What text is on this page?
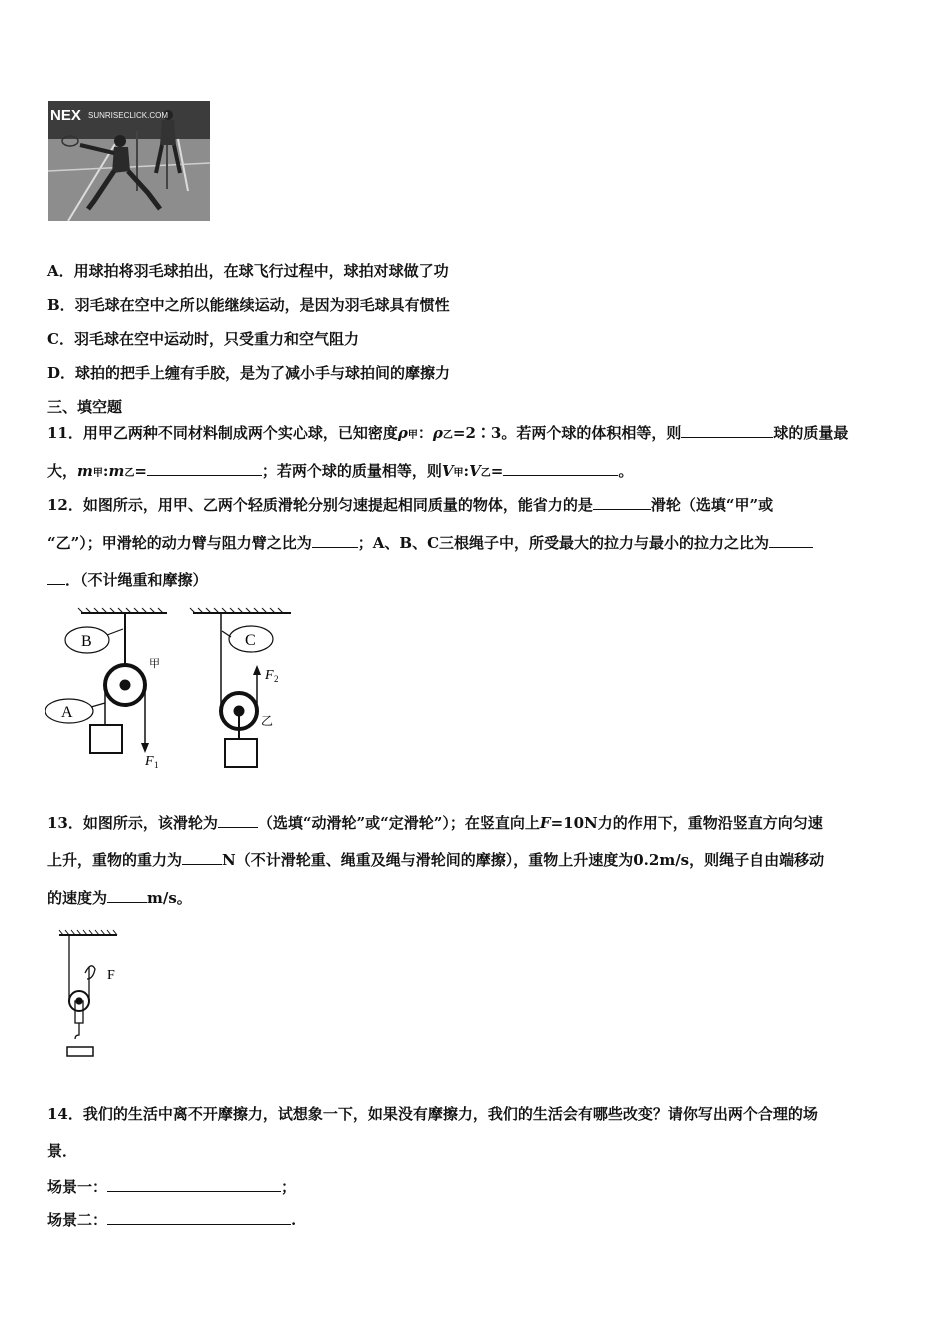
NEX SUNRISECLICK.COM
A．用球拍将羽毛球拍出，在球飞行过程中，球拍对球做了功
B．羽毛球在空中之所以能继续运动，是因为羽毛球具有惯性
C．羽毛球在空中运动时，只受重力和空气阻力
D．球拍的把手上缠有手胶，是为了减小手与球拍间的摩擦力
三、填空题
11．用甲乙两种不同材料制成两个实心球，已知密度ρ甲：ρ乙=2∶3。若两个球的体积相等，则	球的质量最
大，m甲:m乙=	；若两个球的质量相等，则V甲:V乙=	。
12．如图所示，用甲、乙两个轻质滑轮分别匀速提起相同质量的物体，能省力的是	滑轮（选填“甲”或
“乙”）；甲滑轮的动力臂与阻力臂之比为	；A、B、C三根绳子中，所受最大的拉力与最小的拉力之比为
．（不计绳重和摩擦）
B
A
C
甲
乙
F 1
F 2
13．如图所示，该滑轮为	（选填“动滑轮”或“定滑轮”）；在竖直向上F=10N力的作用下，重物沿竖直方向匀速
上升，重物的重力为	N（不计滑轮重、绳重及绳与滑轮间的摩擦），重物上升速度为0.2m/s，则绳子自由端移动
的速度为	m/s。
F
14．我们的生活中离不开摩擦力，试想象一下，如果没有摩擦力，我们的生活会有哪些改变？请你写出两个合理的场
景．
场景一：	；
场景二：	.
